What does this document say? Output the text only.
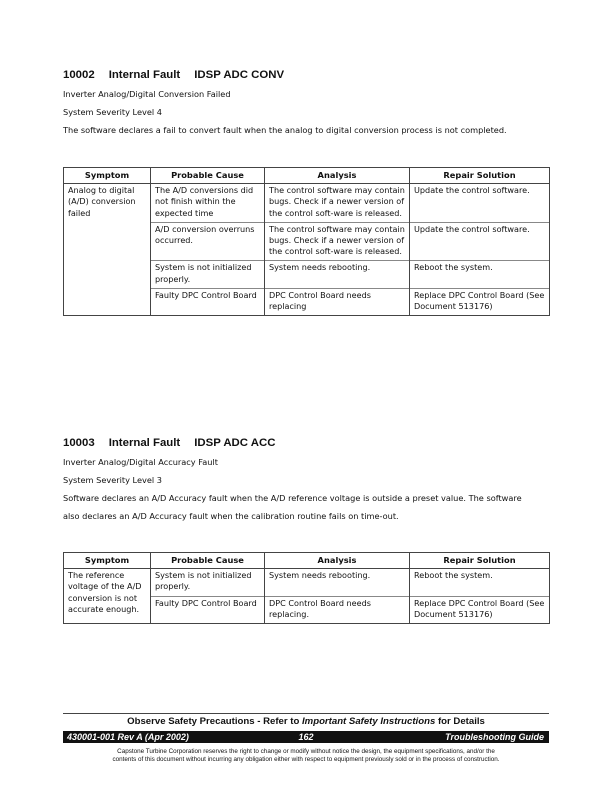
10002 Internal Fault IDSP ADC CONV
Inverter Analog/Digital Conversion Failed
System Severity Level 4
The software declares a fail to convert fault when the analog to digital conversion process is not completed.
Symptom	Probable Cause	Analysis	Repair Solution
Analog to digital (A/D) conversion failed	The A/D conversions did not finish within the expected time	The control software may contain bugs. Check if a newer version of the control soft-ware is released.	Update the control software.
	A/D conversion overruns occurred.	The control software may contain bugs. Check if a newer version of the control soft-ware is released.	Update the control software.
	System is not initialized properly.	System needs rebooting.	Reboot the system.
	Faulty DPC Control Board	DPC Control Board needs replacing	Replace DPC Control Board (See Document 513176)
10003 Internal Fault IDSP ADC ACC
Inverter Analog/Digital Accuracy Fault
System Severity Level 3
Software declares an A/D Accuracy fault when the A/D reference voltage is outside a preset value. The software
also declares an A/D Accuracy fault when the calibration routine fails on time-out.
Symptom	Probable Cause	Analysis	Repair Solution
The reference voltage of the A/D conversion is not accurate enough.	System is not initialized properly.	System needs rebooting.	Reboot the system.
	Faulty DPC Control Board	DPC Control Board needs replacing.	Replace DPC Control Board (See Document 513176)
Observe Safety Precautions - Refer to Important Safety Instructions for Details
430001-001 Rev A (Apr 2002)	162	Troubleshooting Guide
Capstone Turbine Corporation reserves the right to change or modify without notice the design, the equipment specifications, and/or the
contents of this document without incurring any obligation either with respect to equipment previously sold or in the process of construction.
